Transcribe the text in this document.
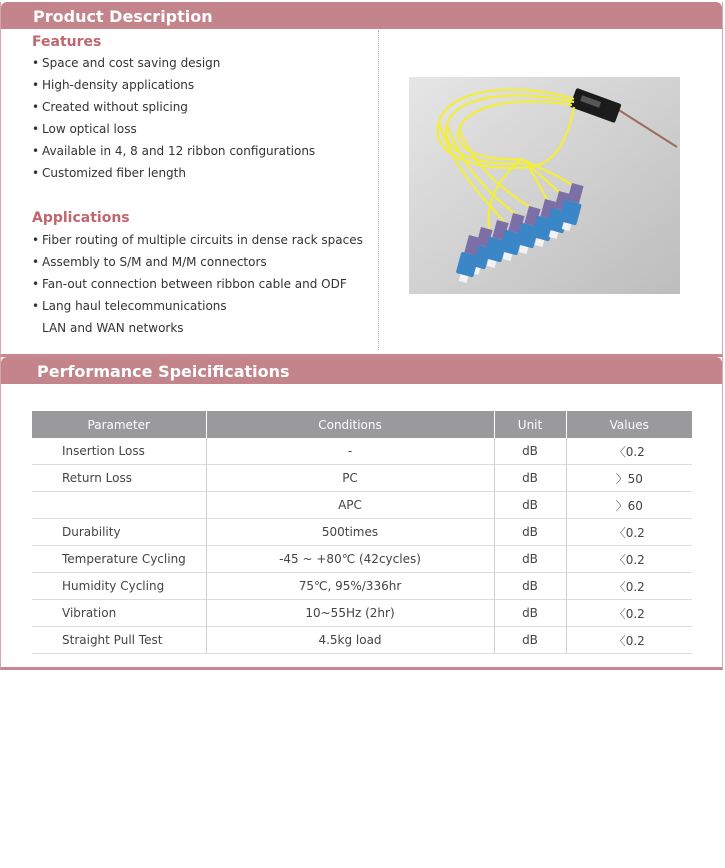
Product Description
Features
• Space and cost saving design
• High-density applications
• Created without splicing
• Low optical loss
• Available in 4, 8 and 12 ribbon configurations
• Customized fiber length
Applications
• Fiber routing of multiple circuits in dense rack spaces
• Assembly to S/M and M/M connectors
• Fan-out connection between ribbon cable and ODF
• Lang haul telecommunications
LAN and WAN networks
Performance Speicifications
Parameter	Conditions	Unit	Values
Insertion Loss	-	dB	〈0.2
Return Loss	PC	dB	〉50
	APC	dB	〉60
Durability	500times	dB	〈0.2
Temperature Cycling	-45 ~ +80℃ (42cycles)	dB	〈0.2
Humidity Cycling	75℃, 95%/336hr	dB	〈0.2
Vibration	10~55Hz (2hr)	dB	〈0.2
Straight Pull Test	4.5kg load	dB	〈0.2
